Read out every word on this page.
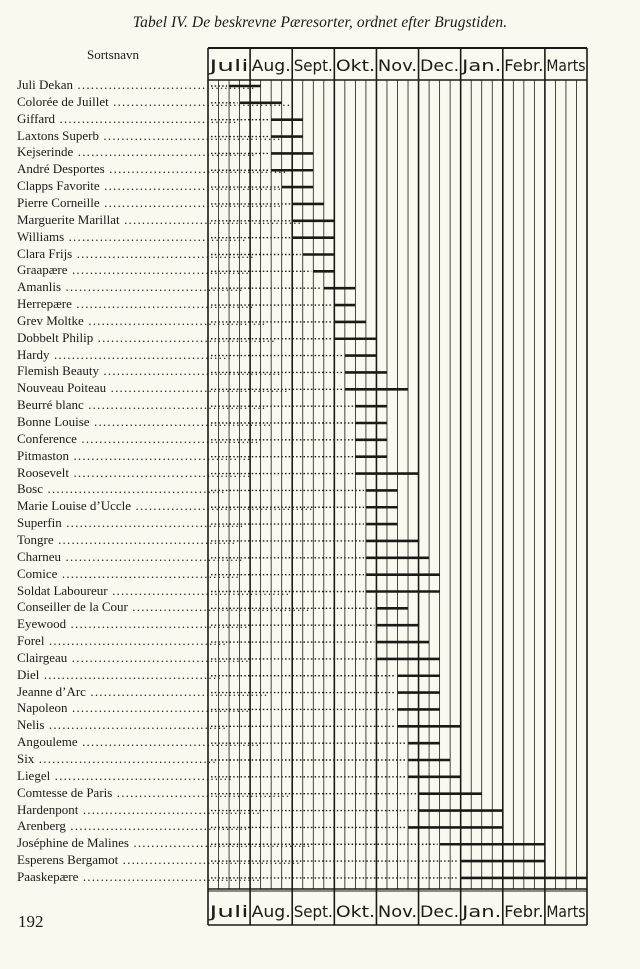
Tabel IV. De beskrevne Pæresorter, ordnet efter Brugstiden.
Sortsnavn
Juli Dekan ........................................
Colorée de Juillet ........................................
Giffard ........................................
Laxtons Superb ........................................
Kejserinde ........................................
André Desportes ........................................
Clapps Favorite ........................................
Pierre Corneille ........................................
Marguerite Marillat ........................................
Williams ........................................
Clara Frijs ........................................
Graapære ........................................
Amanlis ........................................
Herrepære ........................................
Grev Moltke ........................................
Dobbelt Philip ........................................
Hardy ........................................
Flemish Beauty ........................................
Nouveau Poiteau ........................................
Beurré blanc ........................................
Bonne Louise ........................................
Conference ........................................
Pitmaston ........................................
Roosevelt ........................................
Bosc ........................................
Marie Louise d’Uccle ........................................
Superfin ........................................
Tongre ........................................
Charneu ........................................
Comice ........................................
Soldat Laboureur ........................................
Conseiller de la Cour ........................................
Eyewood ........................................
Forel ........................................
Clairgeau ........................................
Diel ........................................
Jeanne d’Arc ........................................
Napoleon ........................................
Nelis ........................................
Angouleme ........................................
Six ........................................
Liegel ........................................
Comtesse de Paris ........................................
Hardenpont ........................................
Arenberg ........................................
Joséphine de Malines ........................................
Esperens Bergamot ........................................
Paaskepære ........................................
Juli
Juli
Aug.
Aug.
Sept.
Sept.
Okt.
Okt.
Nov.
Nov.
Dec.
Dec.
Jan.
Jan.
Febr.
Febr.
Marts
Marts
192
